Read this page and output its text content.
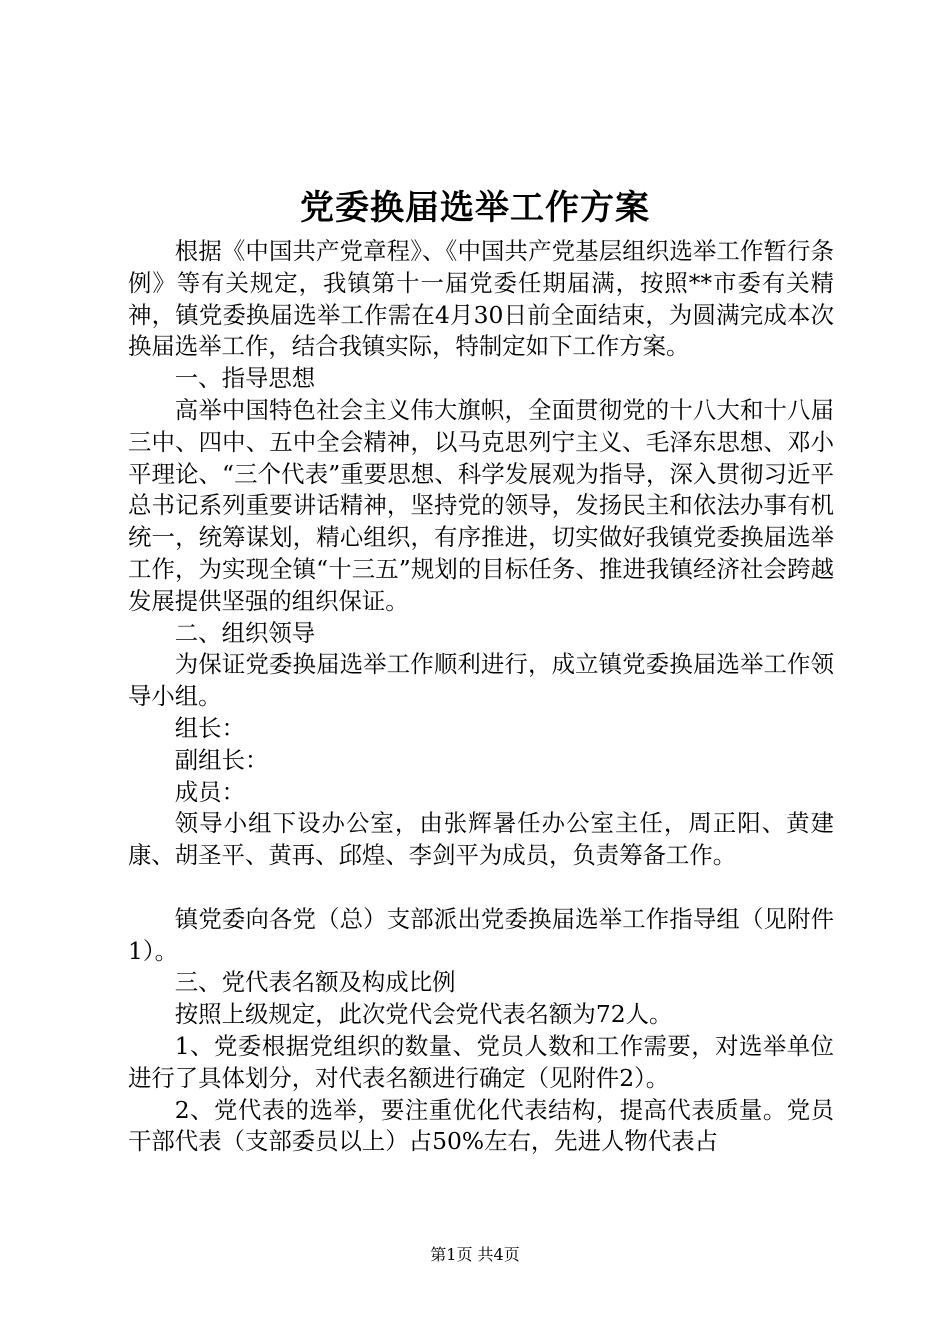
党委换届选举工作方案

根据《中国共产党章程》、《中国共产党基层组织选举工作暂行条例》等有关规定，我镇第十一届党委任期届满，按照**市委有关精神，镇党委换届选举工作需在4月30日前全面结束，为圆满完成本次换届选举工作，结合我镇实际，特制定如下工作方案。

一、指导思想

高举中国特色社会主义伟大旗帜，全面贯彻党的十八大和十八届三中、四中、五中全会精神，以马克思列宁主义、毛泽东思想、邓小平理论、“三个代表”重要思想、科学发展观为指导，深入贯彻习近平总书记系列重要讲话精神，坚持党的领导，发扬民主和依法办事有机统一，统筹谋划，精心组织，有序推进，切实做好我镇党委换届选举工作，为实现全镇“十三五”规划的目标任务、推进我镇经济社会跨越发展提供坚强的组织保证。

二、组织领导

为保证党委换届选举工作顺利进行，成立镇党委换届选举工作领导小组。

组长：

副组长：

成员：

领导小组下设办公室，由张辉暑任办公室主任，周正阳、黄建康、胡圣平、黄再、邱煌、李剑平为成员，负责筹备工作。

镇党委向各党（总）支部派出党委换届选举工作指导组（见附件1）。

三、党代表名额及构成比例

按照上级规定，此次党代会党代表名额为72人。

1、党委根据党组织的数量、党员人数和工作需要，对选举单位进行了具体划分，对代表名额进行确定（见附件2）。

2、党代表的选举，要注重优化代表结构，提高代表质量。党员干部代表（支部委员以上）占50%左右，先进人物代表占

第1页 共4页
